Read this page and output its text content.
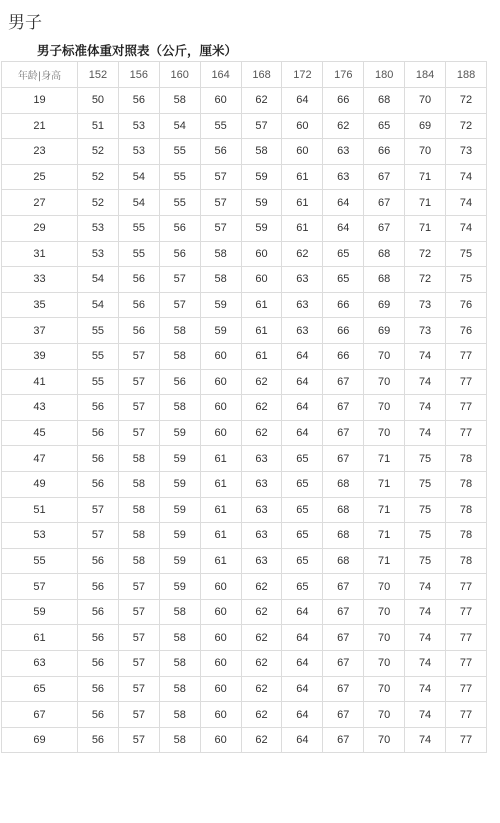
男子
男子标准体重对照表（公斤，厘米）
年龄|身高	152	156	160	164	168	172	176	180	184	188
19	50	56	58	60	62	64	66	68	70	72
21	51	53	54	55	57	60	62	65	69	72
23	52	53	55	56	58	60	63	66	70	73
25	52	54	55	57	59	61	63	67	71	74
27	52	54	55	57	59	61	64	67	71	74
29	53	55	56	57	59	61	64	67	71	74
31	53	55	56	58	60	62	65	68	72	75
33	54	56	57	58	60	63	65	68	72	75
35	54	56	57	59	61	63	66	69	73	76
37	55	56	58	59	61	63	66	69	73	76
39	55	57	58	60	61	64	66	70	74	77
41	55	57	56	60	62	64	67	70	74	77
43	56	57	58	60	62	64	67	70	74	77
45	56	57	59	60	62	64	67	70	74	77
47	56	58	59	61	63	65	67	71	75	78
49	56	58	59	61	63	65	68	71	75	78
51	57	58	59	61	63	65	68	71	75	78
53	57	58	59	61	63	65	68	71	75	78
55	56	58	59	61	63	65	68	71	75	78
57	56	57	59	60	62	65	67	70	74	77
59	56	57	58	60	62	64	67	70	74	77
61	56	57	58	60	62	64	67	70	74	77
63	56	57	58	60	62	64	67	70	74	77
65	56	57	58	60	62	64	67	70	74	77
67	56	57	58	60	62	64	67	70	74	77
69	56	57	58	60	62	64	67	70	74	77
